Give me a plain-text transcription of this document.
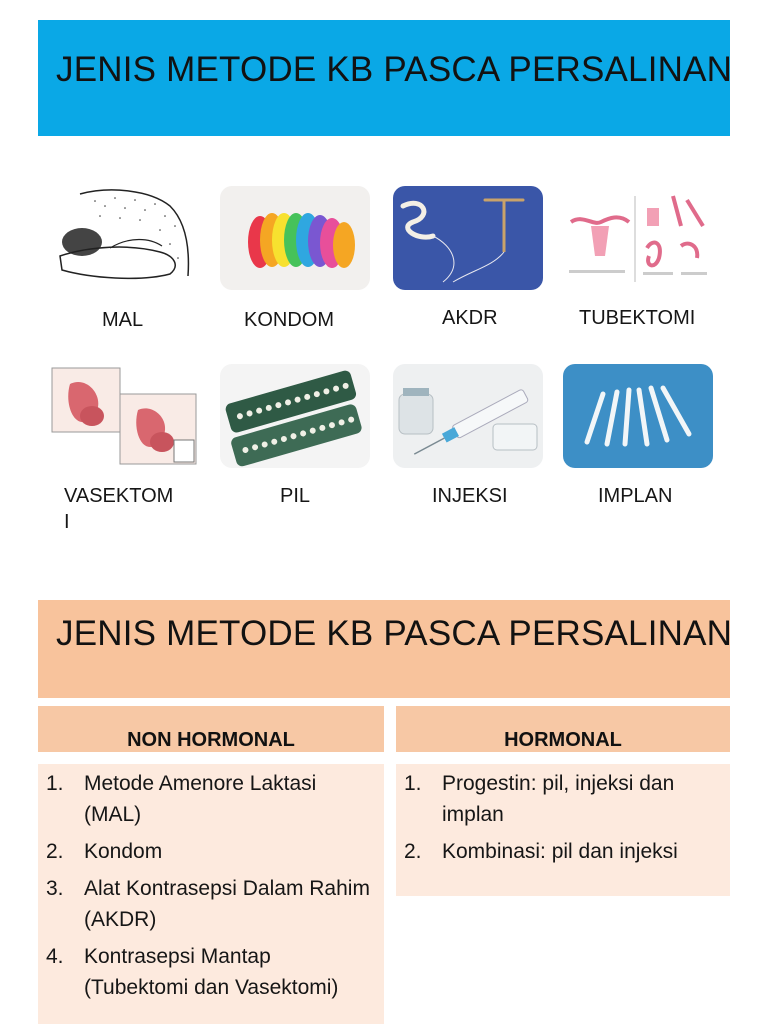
JENIS METODE KB PASCA PERSALINAN
MAL	KONDOM	AKDR	TUBEKTOMI
VASEKTOM I
PIL	INJEKSI	IMPLAN
JENIS METODE KB PASCA PERSALINAN
NON HORMONAL	HORMONAL
1. Metode Amenore Laktasi (MAL)
2. Kondom
3. Alat Kontrasepsi Dalam Rahim (AKDR)
4. Kontrasepsi Mantap (Tubektomi dan Vasektomi)
1. Progestin: pil, injeksi dan implan
2. Kombinasi: pil dan injeksi
